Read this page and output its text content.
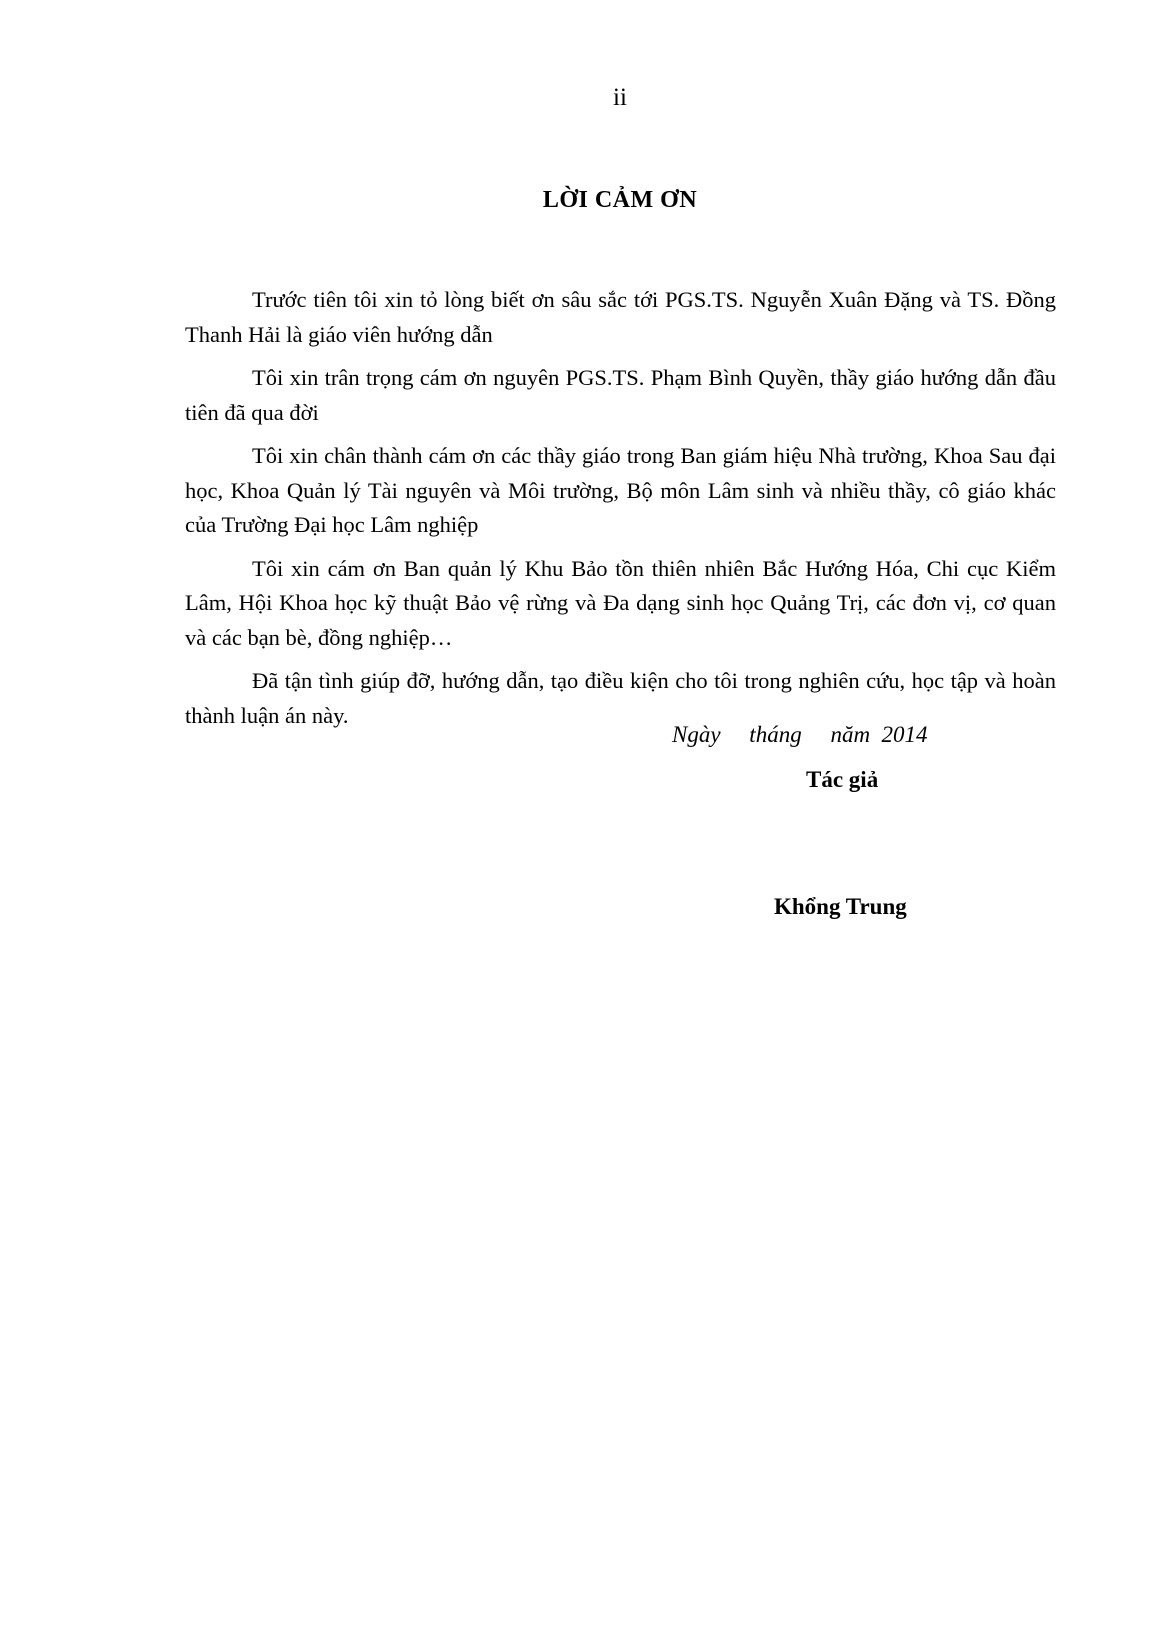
ii
LỜI CẢM ƠN

Trước tiên tôi xin tỏ lòng biết ơn sâu sắc tới PGS.TS. Nguyễn Xuân Đặng và TS. Đồng Thanh Hải là giáo viên hướng dẫn

Tôi xin trân trọng cám ơn nguyên PGS.TS. Phạm Bình Quyền, thầy giáo hướng dẫn đầu tiên đã qua đời

Tôi xin chân thành cám ơn các thầy giáo trong Ban giám hiệu Nhà trường, Khoa Sau đại học, Khoa Quản lý Tài nguyên và Môi trường, Bộ môn Lâm sinh và nhiều thầy, cô giáo khác của Trường Đại học Lâm nghiệp

Tôi xin cám ơn Ban quản lý Khu Bảo tồn thiên nhiên Bắc Hướng Hóa, Chi cục Kiểm Lâm, Hội Khoa học kỹ thuật Bảo vệ rừng và Đa dạng sinh học Quảng Trị, các đơn vị, cơ quan và các bạn bè, đồng nghiệp…

Đã tận tình giúp đỡ, hướng dẫn, tạo điều kiện cho tôi trong nghiên cứu, học tập và hoàn thành luận án này.

Ngày     tháng     năm  2014
Tác giả
Khổng Trung
